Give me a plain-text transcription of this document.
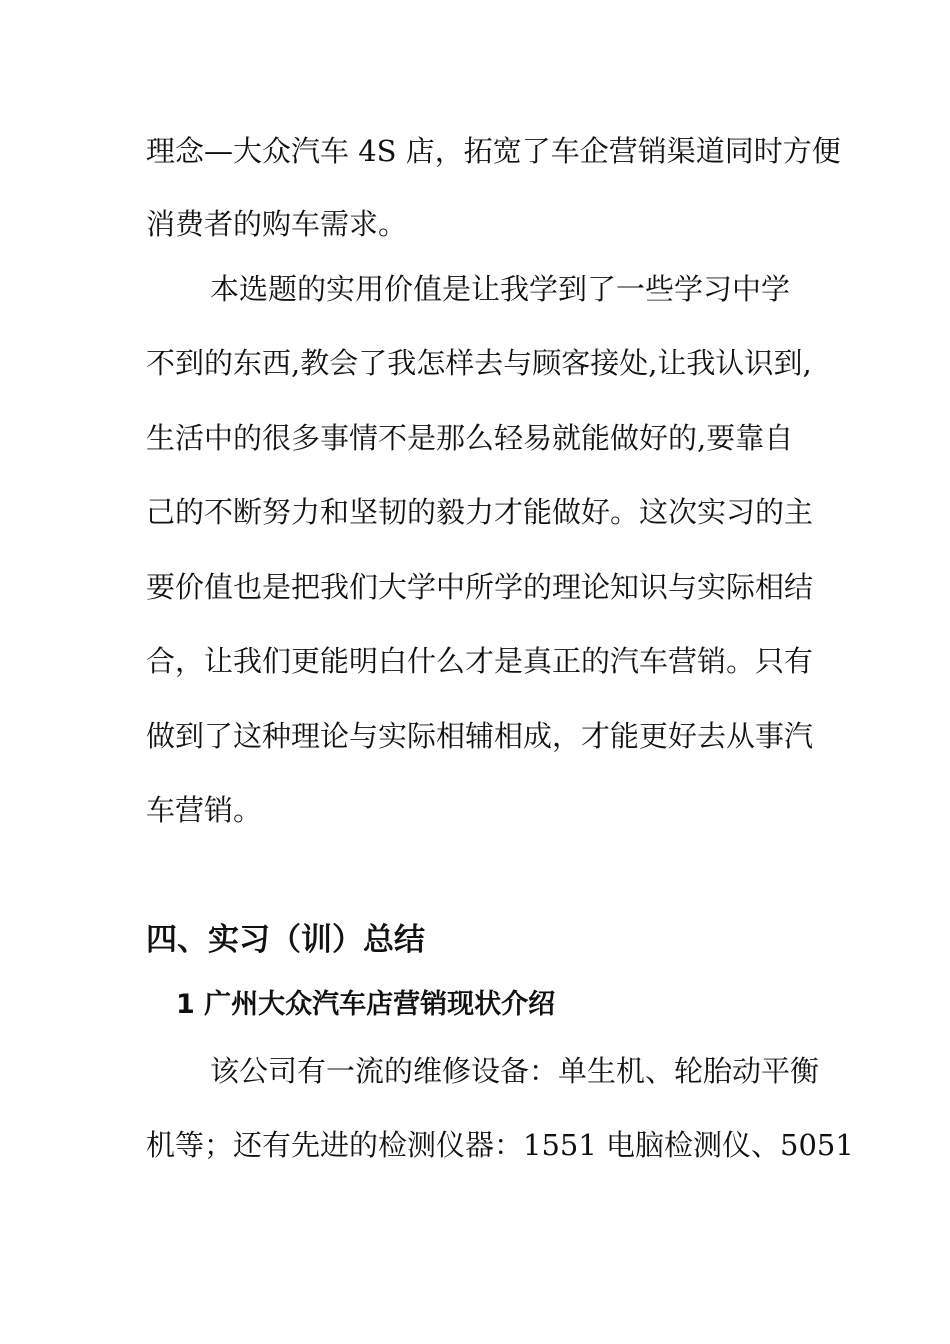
理念—大众汽车 4S 店，拓宽了车企营销渠道同时方便
消费者的购车需求。
本选题的实用价值是让我学到了一些学习中学
不到的东西,教会了我怎样去与顾客接处,让我认识到,
生活中的很多事情不是那么轻易就能做好的,要靠自
己的不断努力和坚韧的毅力才能做好。这次实习的主
要价值也是把我们大学中所学的理论知识与实际相结
合，让我们更能明白什么才是真正的汽车营销。只有
做到了这种理论与实际相辅相成，才能更好去从事汽
车营销。
四、实习（训）总结
1 广州大众汽车店营销现状介绍
该公司有一流的维修设备：单生机、轮胎动平衡
机等；还有先进的检测仪器：1551 电脑检测仪、5051
